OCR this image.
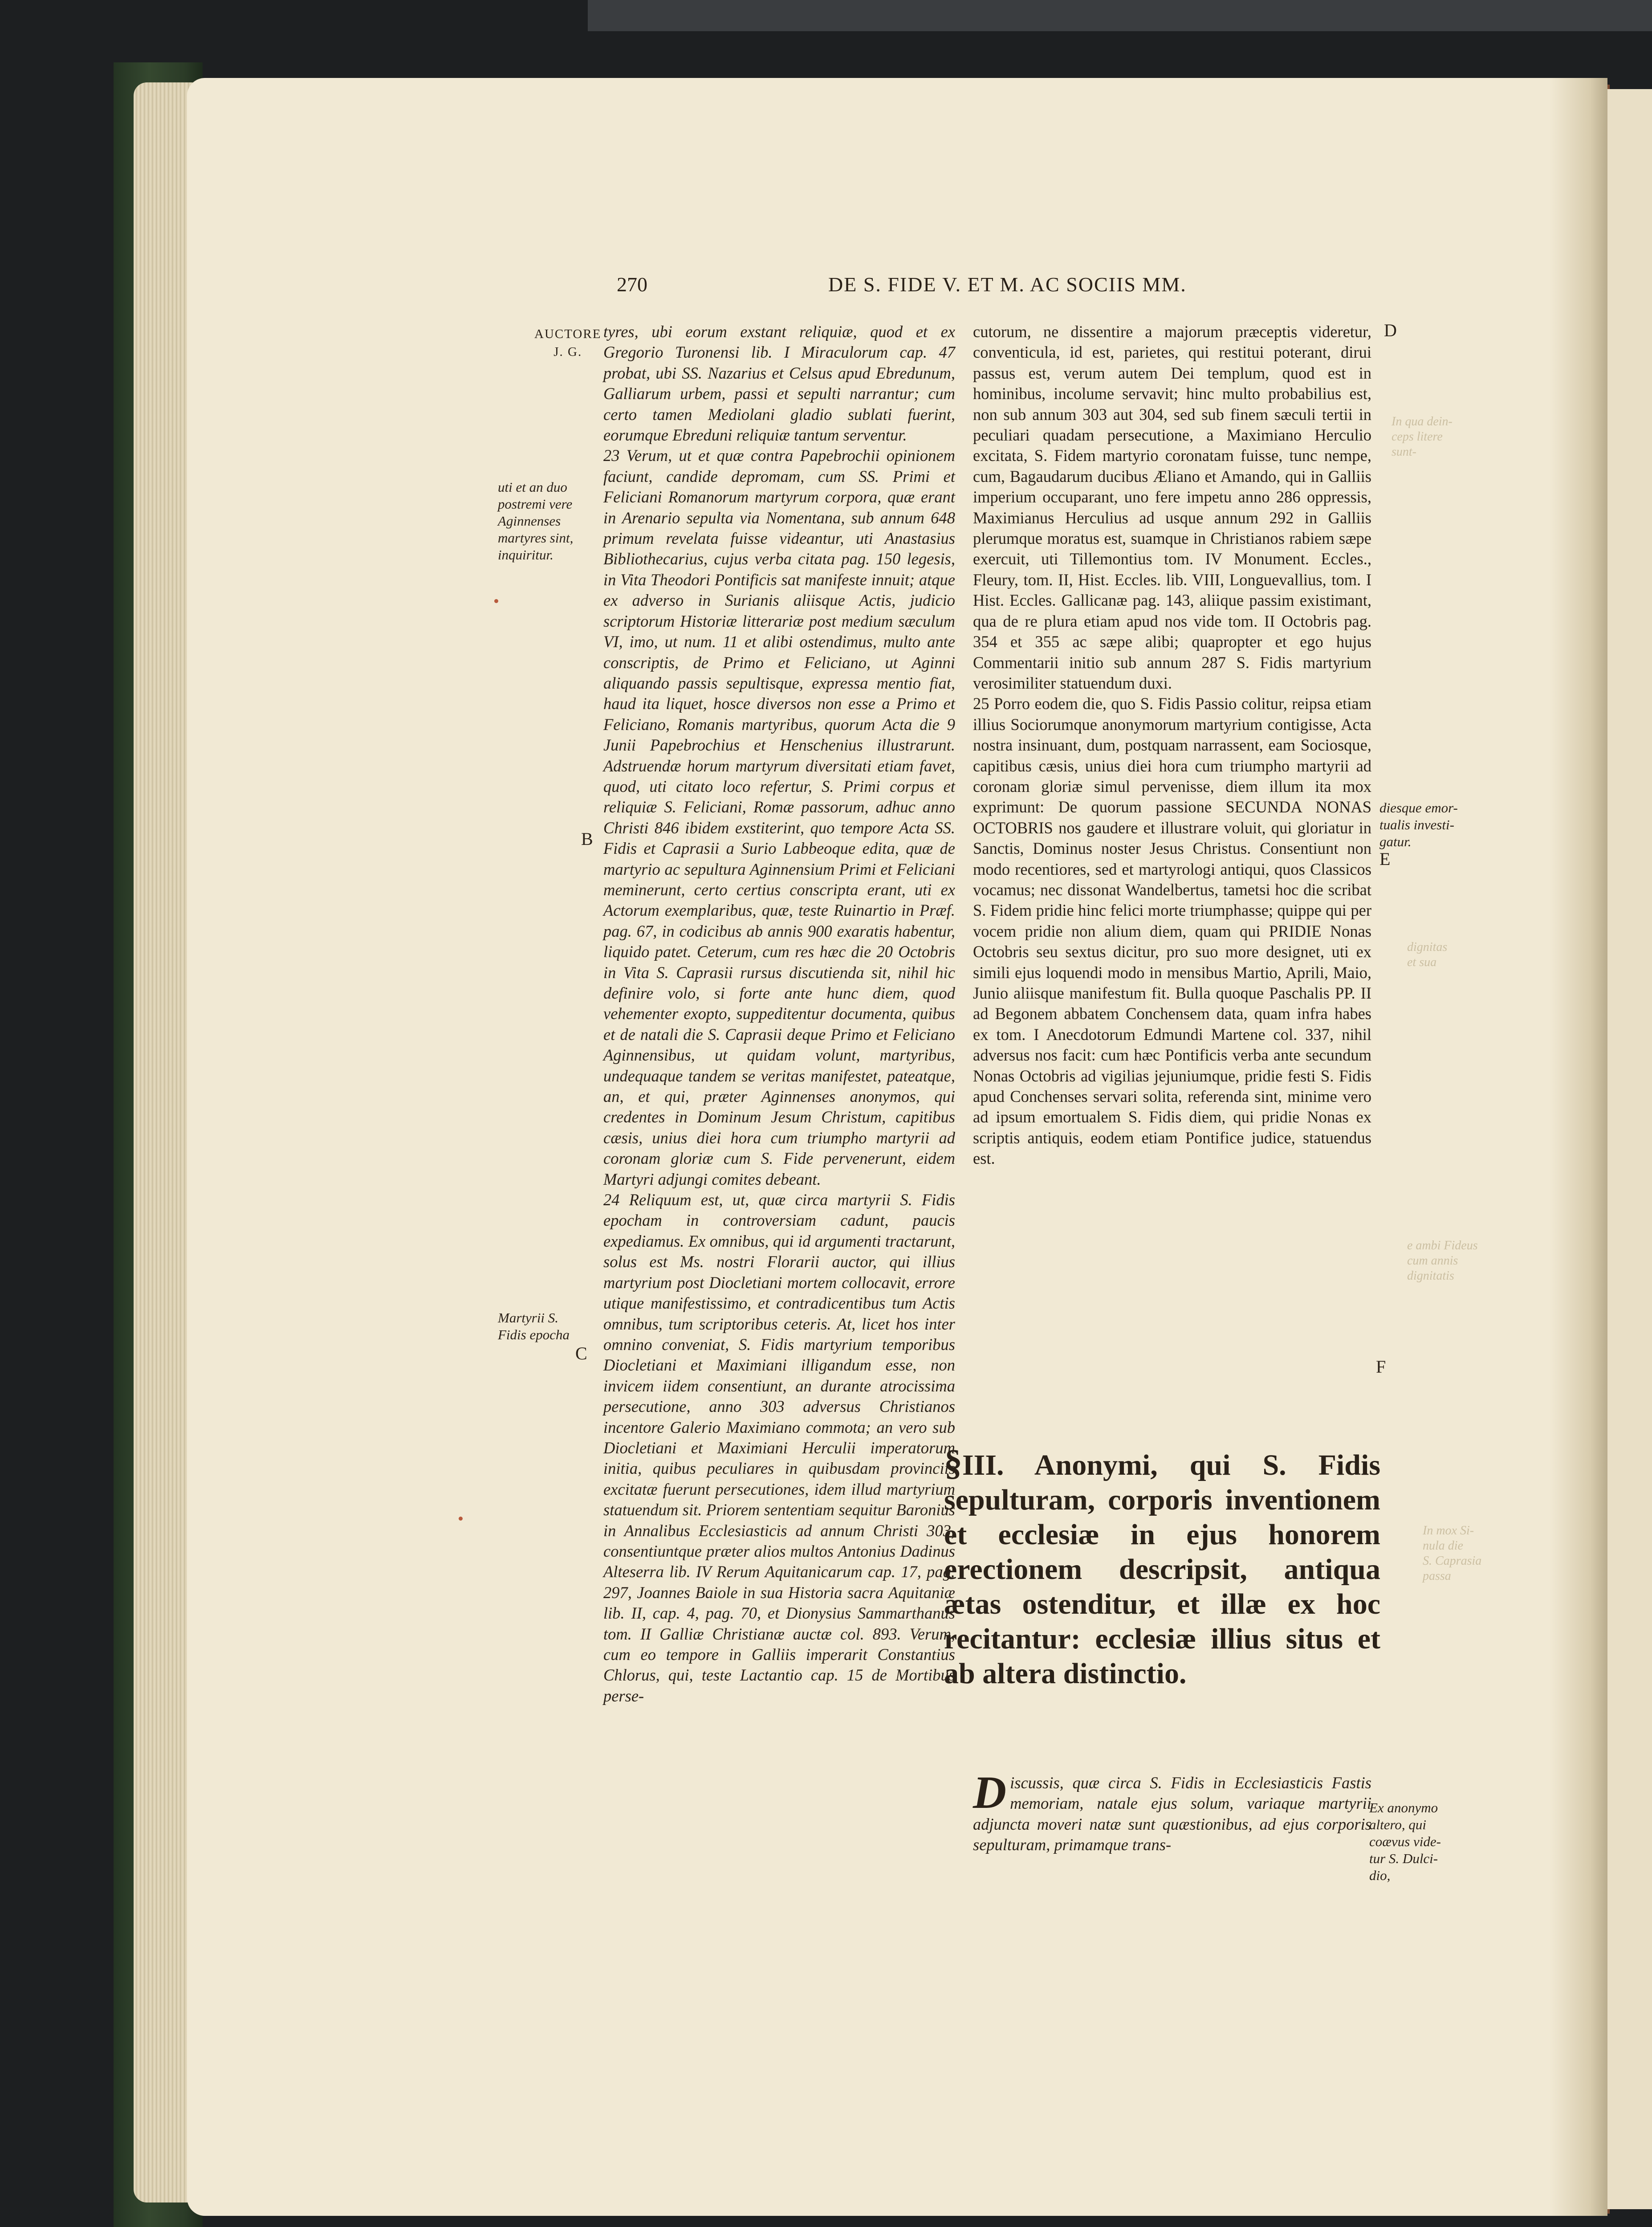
In qua dein-
ceps litere
sunt-
dignitas
et sua
e ambi Fideus
cum annis
dignitatis
In mox Si-
nula die
S. Caprasia
passa
270	DE S. FIDE V. ET M. AC SOCIIS MM.
AUCTORE
J. G.
uti et an duo
postremi vere
Aginnenses
martyres sint,
inquiritur.
B
Martyrii S.
Fidis epocha
C
D
diesque emor-
tualis investi-
gatur.
E
F
Ex anonymo
altero, qui
coævus vide-
tur S. Dulci-
dio,

tyres, ubi eorum exstant reliquiæ, quod et ex Gregorio Turonensi lib. I Miraculorum cap. 47 probat, ubi SS. Nazarius et Celsus apud Ebredunum, Galliarum urbem, passi et sepulti narrantur; cum certo tamen Mediolani gladio sublati fuerint, eorumque Ebreduni reliquiæ tantum serventur.

23 Verum, ut et quæ contra Papebrochii opinionem faciunt, candide depromam, cum SS. Primi et Feliciani Romanorum martyrum corpora, quæ erant in Arenario sepulta via Nomentana, sub annum 648 primum revelata fuisse videantur, uti Anastasius Bibliothecarius, cujus verba citata pag. 150 legesis, in Vita Theodori Pontificis sat manifeste innuit; atque ex adverso in Surianis aliisque Actis, judicio scriptorum Historiæ litterariæ post medium sæculum VI, imo, ut num. 11 et alibi ostendimus, multo ante conscriptis, de Primo et Feliciano, ut Aginni aliquando passis sepultisque, expressa mentio fiat, haud ita liquet, hosce diversos non esse a Primo et Feliciano, Romanis martyribus, quorum Acta die 9 Junii Papebrochius et Henschenius illustrarunt. Adstruendæ horum martyrum diversitati etiam favet, quod, uti citato loco refertur, S. Primi corpus et reliquiæ S. Feliciani, Romæ passorum, adhuc anno Christi 846 ibidem exstiterint, quo tempore Acta SS. Fidis et Caprasii a Surio Labbeoque edita, quæ de martyrio ac sepultura Aginnensium Primi et Feliciani meminerunt, certo certius conscripta erant, uti ex Actorum exemplaribus, quæ, teste Ruinartio in Præf. pag. 67, in codicibus ab annis 900 exaratis habentur, liquido patet. Ceterum, cum res hæc die 20 Octobris in Vita S. Caprasii rursus discutienda sit, nihil hic definire volo, si forte ante hunc diem, quod vehementer exopto, suppeditentur documenta, quibus et de natali die S. Caprasii deque Primo et Feliciano Aginnensibus, ut quidam volunt, martyribus, undequaque tandem se veritas manifestet, pateatque, an, et qui, præter Aginnenses anonymos, qui credentes in Dominum Jesum Christum, capitibus cæsis, unius diei hora cum triumpho martyrii ad coronam gloriæ cum S. Fide pervenerunt, eidem Martyri adjungi comites debeant.

24 Reliquum est, ut, quæ circa martyrii S. Fidis epocham in controversiam cadunt, paucis expediamus. Ex omnibus, qui id argumenti tractarunt, solus est Ms. nostri Florarii auctor, qui illius martyrium post Diocletiani mortem collocavit, errore utique manifestissimo, et contradicentibus tum Actis omnibus, tum scriptoribus ceteris. At, licet hos inter omnino conveniat, S. Fidis martyrium temporibus Diocletiani et Maximiani illigandum esse, non invicem iidem consentiunt, an durante atrocissima persecutione, anno 303 adversus Christianos incentore Galerio Maximiano commota; an vero sub Diocletiani et Maximiani Herculii imperatorum initia, quibus peculiares in quibusdam provinciis excitatæ fuerunt persecutiones, idem illud martyrium statuendum sit. Priorem sententiam sequitur Baronius in Annalibus Ecclesiasticis ad annum Christi 303, consentiuntque præter alios multos Antonius Dadinus Alteserra lib. IV Rerum Aquitanicarum cap. 17, pag. 297, Joannes Baiole in sua Historia sacra Aquitaniæ lib. II, cap. 4, pag. 70, et Dionysius Sammarthanus tom. II Galliæ Christianæ auctæ col. 893. Verum, cum eo tempore in Galliis imperarit Constantius Chlorus, qui, teste Lactantio cap. 15 de Mortibus perse-

cutorum, ne dissentire a majorum præceptis videretur, conventicula, id est, parietes, qui restitui poterant, dirui passus est, verum autem Dei templum, quod est in hominibus, incolume servavit; hinc multo probabilius est, non sub annum 303 aut 304, sed sub finem sæculi tertii in peculiari quadam persecutione, a Maximiano Herculio excitata, S. Fidem martyrio coronatam fuisse, tunc nempe, cum, Bagaudarum ducibus Æliano et Amando, qui in Galliis imperium occuparant, uno fere impetu anno 286 oppressis, Maximianus Herculius ad usque annum 292 in Galliis plerumque moratus est, suamque in Christianos rabiem sæpe exercuit, uti Tillemontius tom. IV Monument. Eccles., Fleury, tom. II, Hist. Eccles. lib. VIII, Longuevallius, tom. I Hist. Eccles. Gallicanæ pag. 143, aliique passim existimant, qua de re plura etiam apud nos vide tom. II Octobris pag. 354 et 355 ac sæpe alibi; quapropter et ego hujus Commentarii initio sub annum 287 S. Fidis martyrium verosimiliter statuendum duxi.

25 Porro eodem die, quo S. Fidis Passio colitur, reipsa etiam illius Sociorumque anonymorum martyrium contigisse, Acta nostra insinuant, dum, postquam narrassent, eam Sociosque, capitibus cæsis, unius diei hora cum triumpho martyrii ad coronam gloriæ simul pervenisse, diem illum ita mox exprimunt: De quorum passione SECUNDA NONAS OCTOBRIS nos gaudere et illustrare voluit, qui gloriatur in Sanctis, Dominus noster Jesus Christus. Consentiunt non modo recentiores, sed et martyrologi antiqui, quos Classicos vocamus; nec dissonat Wandelbertus, tametsi hoc die scribat S. Fidem pridie hinc felici morte triumphasse; quippe qui per vocem pridie non alium diem, quam qui PRIDIE Nonas Octobris seu sextus dicitur, pro suo more designet, uti ex simili ejus loquendi modo in mensibus Martio, Aprili, Maio, Junio aliisque manifestum fit. Bulla quoque Paschalis PP. II ad Begonem abbatem Conchensem data, quam infra habes ex tom. I Anecdotorum Edmundi Martene col. 337, nihil adversus nos facit: cum hæc Pontificis verba ante secundum Nonas Octobris ad vigilias jejuniumque, pridie festi S. Fidis apud Conchenses servari solita, referenda sint, minime vero ad ipsum emortualem S. Fidis diem, qui pridie Nonas ex scriptis antiquis, eodem etiam Pontifice judice, statuendus est.

§III. Anonymi, qui S. Fidis sepulturam, corporis inventionem et ecclesiæ in ejus honorem erectionem descripsit, antiqua ætas ostenditur, et illæ ex hoc recitantur: ecclesiæ illius situs et ab altera distinctio.
D iscussis, quæ circa S. Fidis in Ecclesiasticis Fastis memoriam, natale ejus solum, variaque martyrii adjuncta moveri natæ sunt quæstionibus, ad ejus corporis sepulturam, primamque trans-
